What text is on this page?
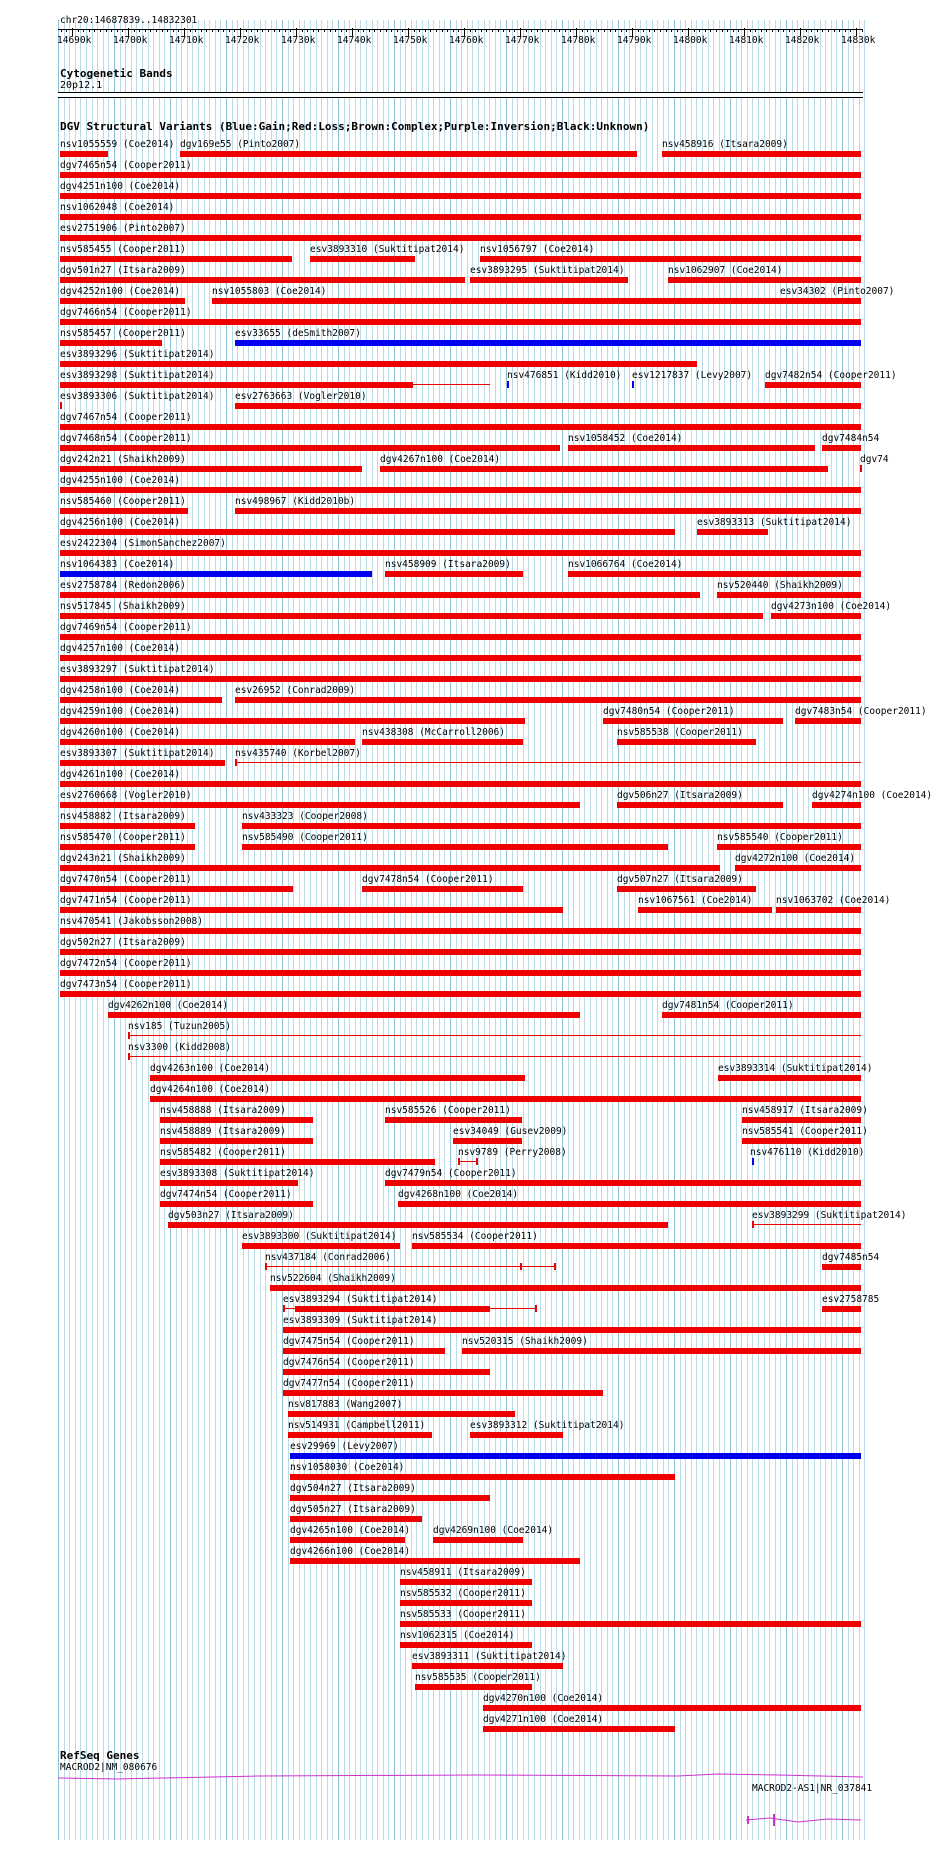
chr20:14687839..14832301
14690k 14700k 14710k 14720k 14730k 14740k 14750k 14760k 14770k 14780k 14790k 14800k 14810k 14820k 14830k
Cytogenetic Bands
20p12.1
DGV Structural Variants (Blue:Gain;Red:Loss;Brown:Complex;Purple:Inversion;Black:Unknown)
nsv1055559 (Coe2014) dgv169e55 (Pinto2007)	nsv458916 (Itsara2009)
dgv7465n54 (Cooper2011)
dgv4251n100 (Coe2014)
nsv1062048 (Coe2014)
esv2751906 (Pinto2007)
nsv585455 (Cooper2011)	esv3893310 (Suktitipat2014) nsv1056797 (Coe2014)
dgv501n27 (Itsara2009)	esv3893295 (Suktitipat2014)	nsv1062907 (Coe2014)
dgv4252n100 (Coe2014)	nsv1055803 (Coe2014)	esv34302 (Pinto2007)
dgv7466n54 (Cooper2011)
nsv585457 (Cooper2011)	esv33655 (deSmith2007)
esv3893296 (Suktitipat2014)
esv3893298 (Suktitipat2014)	nsv476851 (Kidd2010) esv1217837 (Levy2007) dgv7482n54 (Cooper2011)
esv3893306 (Suktitipat2014) esv2763663 (Vogler2010)
dgv7467n54 (Cooper2011)
dgv7468n54 (Cooper2011)	nsv1058452 (Coe2014)	dgv7484n54
dgv242n21 (Shaikh2009)	dgv4267n100 (Coe2014)	dgv74
dgv4255n100 (Coe2014)
nsv585460 (Cooper2011)	nsv498967 (Kidd2010b)
dgv4256n100 (Coe2014)	esv3893313 (Suktitipat2014)
esv2422304 (SimonSanchez2007)
nsv1064383 (Coe2014)	nsv458909 (Itsara2009)	nsv1066764 (Coe2014)
esv2758784 (Redon2006)	nsv520440 (Shaikh2009)
nsv517845 (Shaikh2009)	dgv4273n100 (Coe2014)
dgv7469n54 (Cooper2011)
dgv4257n100 (Coe2014)
esv3893297 (Suktitipat2014)
dgv4258n100 (Coe2014)	esv26952 (Conrad2009)
dgv4259n100 (Coe2014)	dgv7480n54 (Cooper2011)	dgv7483n54 (Cooper2011)
dgv4260n100 (Coe2014)	nsv438308 (McCarroll2006)	nsv585538 (Cooper2011)
esv3893307 (Suktitipat2014) nsv435740 (Korbel2007)
dgv4261n100 (Coe2014)
esv2760668 (Vogler2010)	dgv506n27 (Itsara2009)	dgv4274n100 (Coe2014)
nsv458882 (Itsara2009)	nsv433323 (Cooper2008)
nsv585470 (Cooper2011)	nsv585490 (Cooper2011)	nsv585540 (Cooper2011)
dgv243n21 (Shaikh2009)	dgv4272n100 (Coe2014)
dgv7470n54 (Cooper2011)	dgv7478n54 (Cooper2011)	dgv507n27 (Itsara2009)
dgv7471n54 (Cooper2011)	nsv1067561 (Coe2014) nsv1063702 (Coe2014)
nsv470541 (Jakobsson2008)
dgv502n27 (Itsara2009)
dgv7472n54 (Cooper2011)
dgv7473n54 (Cooper2011)
dgv4262n100 (Coe2014)	dgv7481n54 (Cooper2011)
nsv185 (Tuzun2005)
nsv3300 (Kidd2008)
dgv4263n100 (Coe2014)	esv3893314 (Suktitipat2014)
dgv4264n100 (Coe2014)
nsv458888 (Itsara2009)	nsv585526 (Cooper2011)	nsv458917 (Itsara2009)
nsv458889 (Itsara2009)	esv34049 (Gusev2009)	nsv585541 (Cooper2011)
nsv585482 (Cooper2011)	nsv9789 (Perry2008)	nsv476110 (Kidd2010)
esv3893308 (Suktitipat2014)	dgv7479n54 (Cooper2011)
dgv7474n54 (Cooper2011)	dgv4268n100 (Coe2014)
dgv503n27 (Itsara2009)	esv3893299 (Suktitipat2014)
esv3893300 (Suktitipat2014) nsv585534 (Cooper2011)
nsv437184 (Conrad2006)	dgv7485n54
nsv522604 (Shaikh2009)
esv3893294 (Suktitipat2014)	esv2758785
esv3893309 (Suktitipat2014)
dgv7475n54 (Cooper2011)	nsv520315 (Shaikh2009)
dgv7476n54 (Cooper2011)
dgv7477n54 (Cooper2011)
nsv817883 (Wang2007)
nsv514931 (Campbell2011)	esv3893312 (Suktitipat2014)
esv29969 (Levy2007)
nsv1058030 (Coe2014)
dgv504n27 (Itsara2009)
dgv505n27 (Itsara2009)
dgv4265n100 (Coe2014) dgv4269n100 (Coe2014)
dgv4266n100 (Coe2014)
nsv458911 (Itsara2009)
nsv585532 (Cooper2011)
nsv585533 (Cooper2011)
nsv1062315 (Coe2014)
esv3893311 (Suktitipat2014)
nsv585535 (Cooper2011)
dgv4270n100 (Coe2014)
dgv4271n100 (Coe2014)
RefSeq Genes
MACROD2|NM_080676
MACROD2-AS1|NR_037841
